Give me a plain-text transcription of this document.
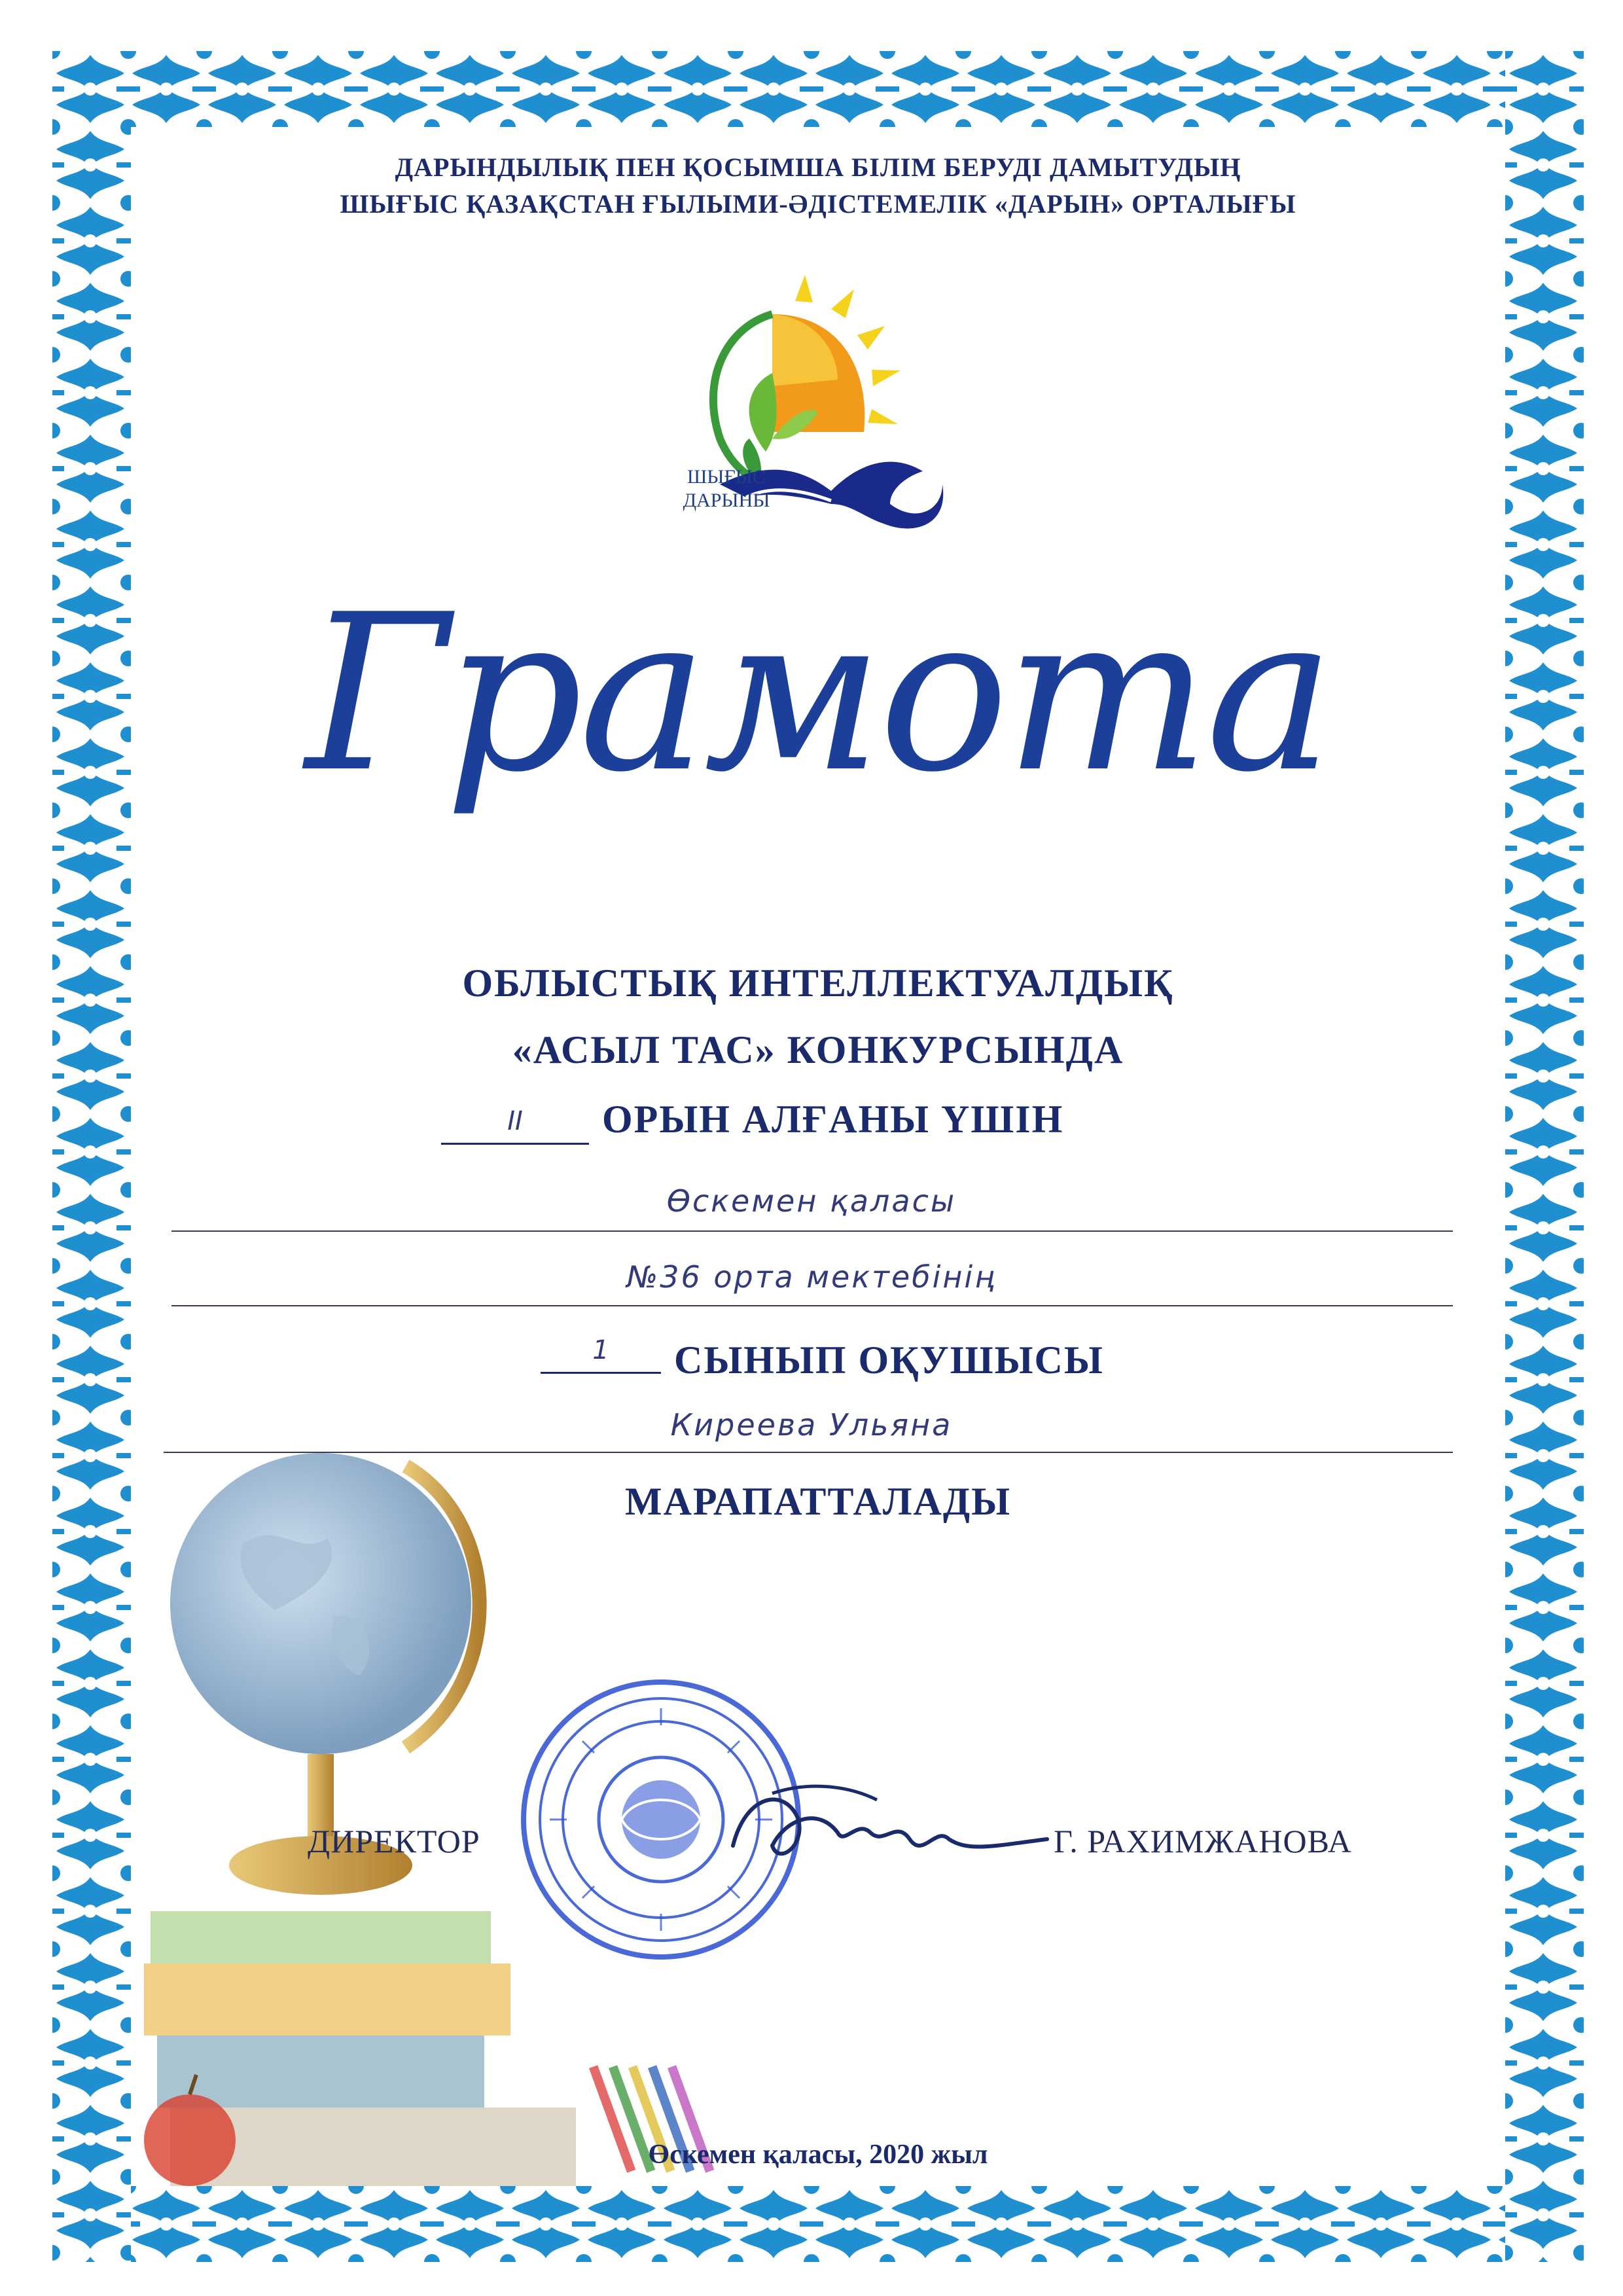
ДАРЫНДЫЛЫҚ ПЕН ҚОСЫМША БІЛІМ БЕРУДІ ДАМЫТУДЫҢ
ШЫҒЫС ҚАЗАҚСТАН ҒЫЛЫМИ-ӘДІСТЕМЕЛІК «ДАРЫН» ОРТАЛЫҒЫ
ШЫҒЫС
ДАРЫНЫ
Грамота
ОБЛЫСТЫҚ ИНТЕЛЛЕКТУАЛДЫҚ
«АСЫЛ ТАС» КОНКУРСЫНДА
II	ОРЫН АЛҒАНЫ ҮШІН
Өскемен қаласы
№36 орта мектебінің
1	СЫНЫП ОҚУШЫСЫ
Киреева Ульяна
МАРАПАТТАЛАДЫ
ДИРЕКТОР	Г. РАХИМЖАНОВА
Өскемен қаласы, 2020 жыл
